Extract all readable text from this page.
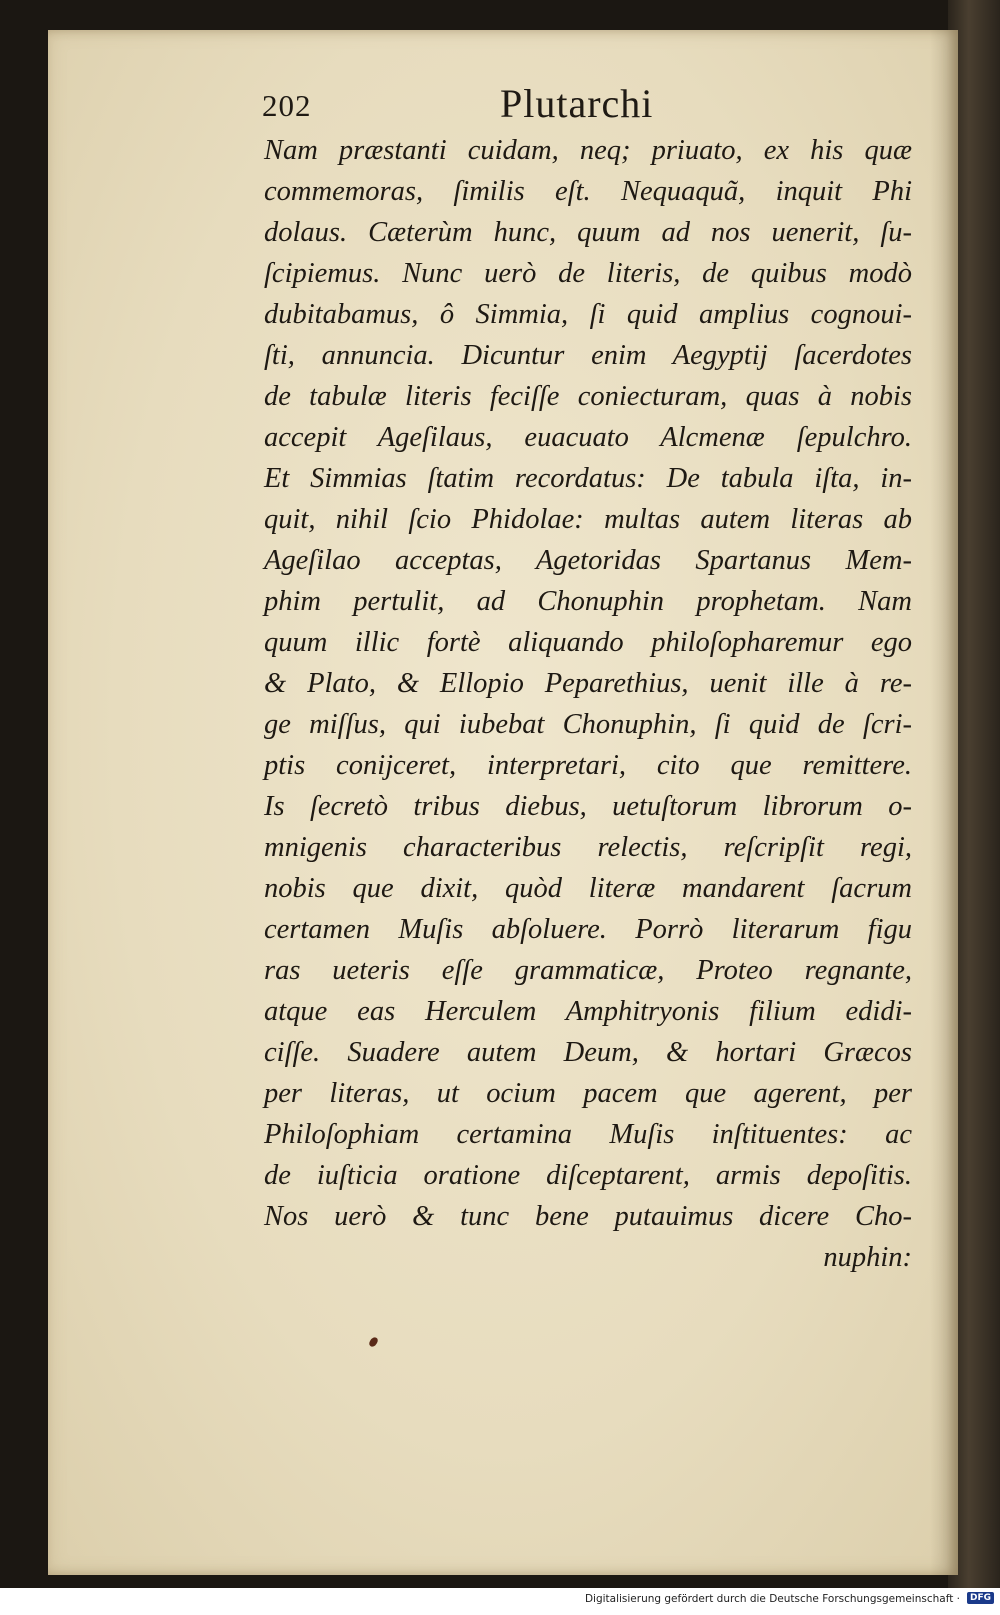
202	Plutarchi
Nam præstanti cuidam, neq; priuato, ex his quæ
commemoras, ſimilis eſt. Nequaquã, inquit Phi
dolaus. Cæterùm hunc, quum ad nos uenerit, ſu-
ſcipiemus. Nunc uerò de literis, de quibus modò
dubitabamus, ô Simmia, ſi quid amplius cognoui-
ſti, annuncia. Dicuntur enim Aegyptij ſacerdotes
de tabulæ literis feciſſe coniecturam, quas à nobis
accepit Ageſilaus, euacuato Alcmenæ ſepulchro.
Et Simmias ſtatim recordatus: De tabula iſta, in-
quit, nihil ſcio Phidolae: multas autem literas ab
Ageſilao acceptas, Agetoridas Spartanus Mem-
phim pertulit, ad Chonuphin prophetam. Nam
quum illic fortè aliquando philoſopharemur ego
& Plato, & Ellopio Peparethius, uenit ille à re-
ge miſſus, qui iubebat Chonuphin, ſi quid de ſcri-
ptis conijceret, interpretari, cito que remittere.
Is ſecretò tribus diebus, uetuſtorum librorum o-
mnigenis characteribus relectis, reſcripſit regi,
nobis que dixit, quòd literæ mandarent ſacrum
certamen Muſis abſoluere. Porrò literarum figu
ras ueteris eſſe grammaticæ, Proteo regnante,
atque eas Herculem Amphitryonis filium edidi-
ciſſe. Suadere autem Deum, & hortari Græcos
per literas, ut ocium pacem que agerent, per
Philoſophiam certamina Muſis inſtituentes: ac
de iuſticia oratione diſceptarent, armis depoſitis.
Nos uerò & tunc bene putauimus dicere Cho-
nuphin:
Digitalisierung gefördert durch die Deutsche Forschungsgemeinschaft ·	DFG
